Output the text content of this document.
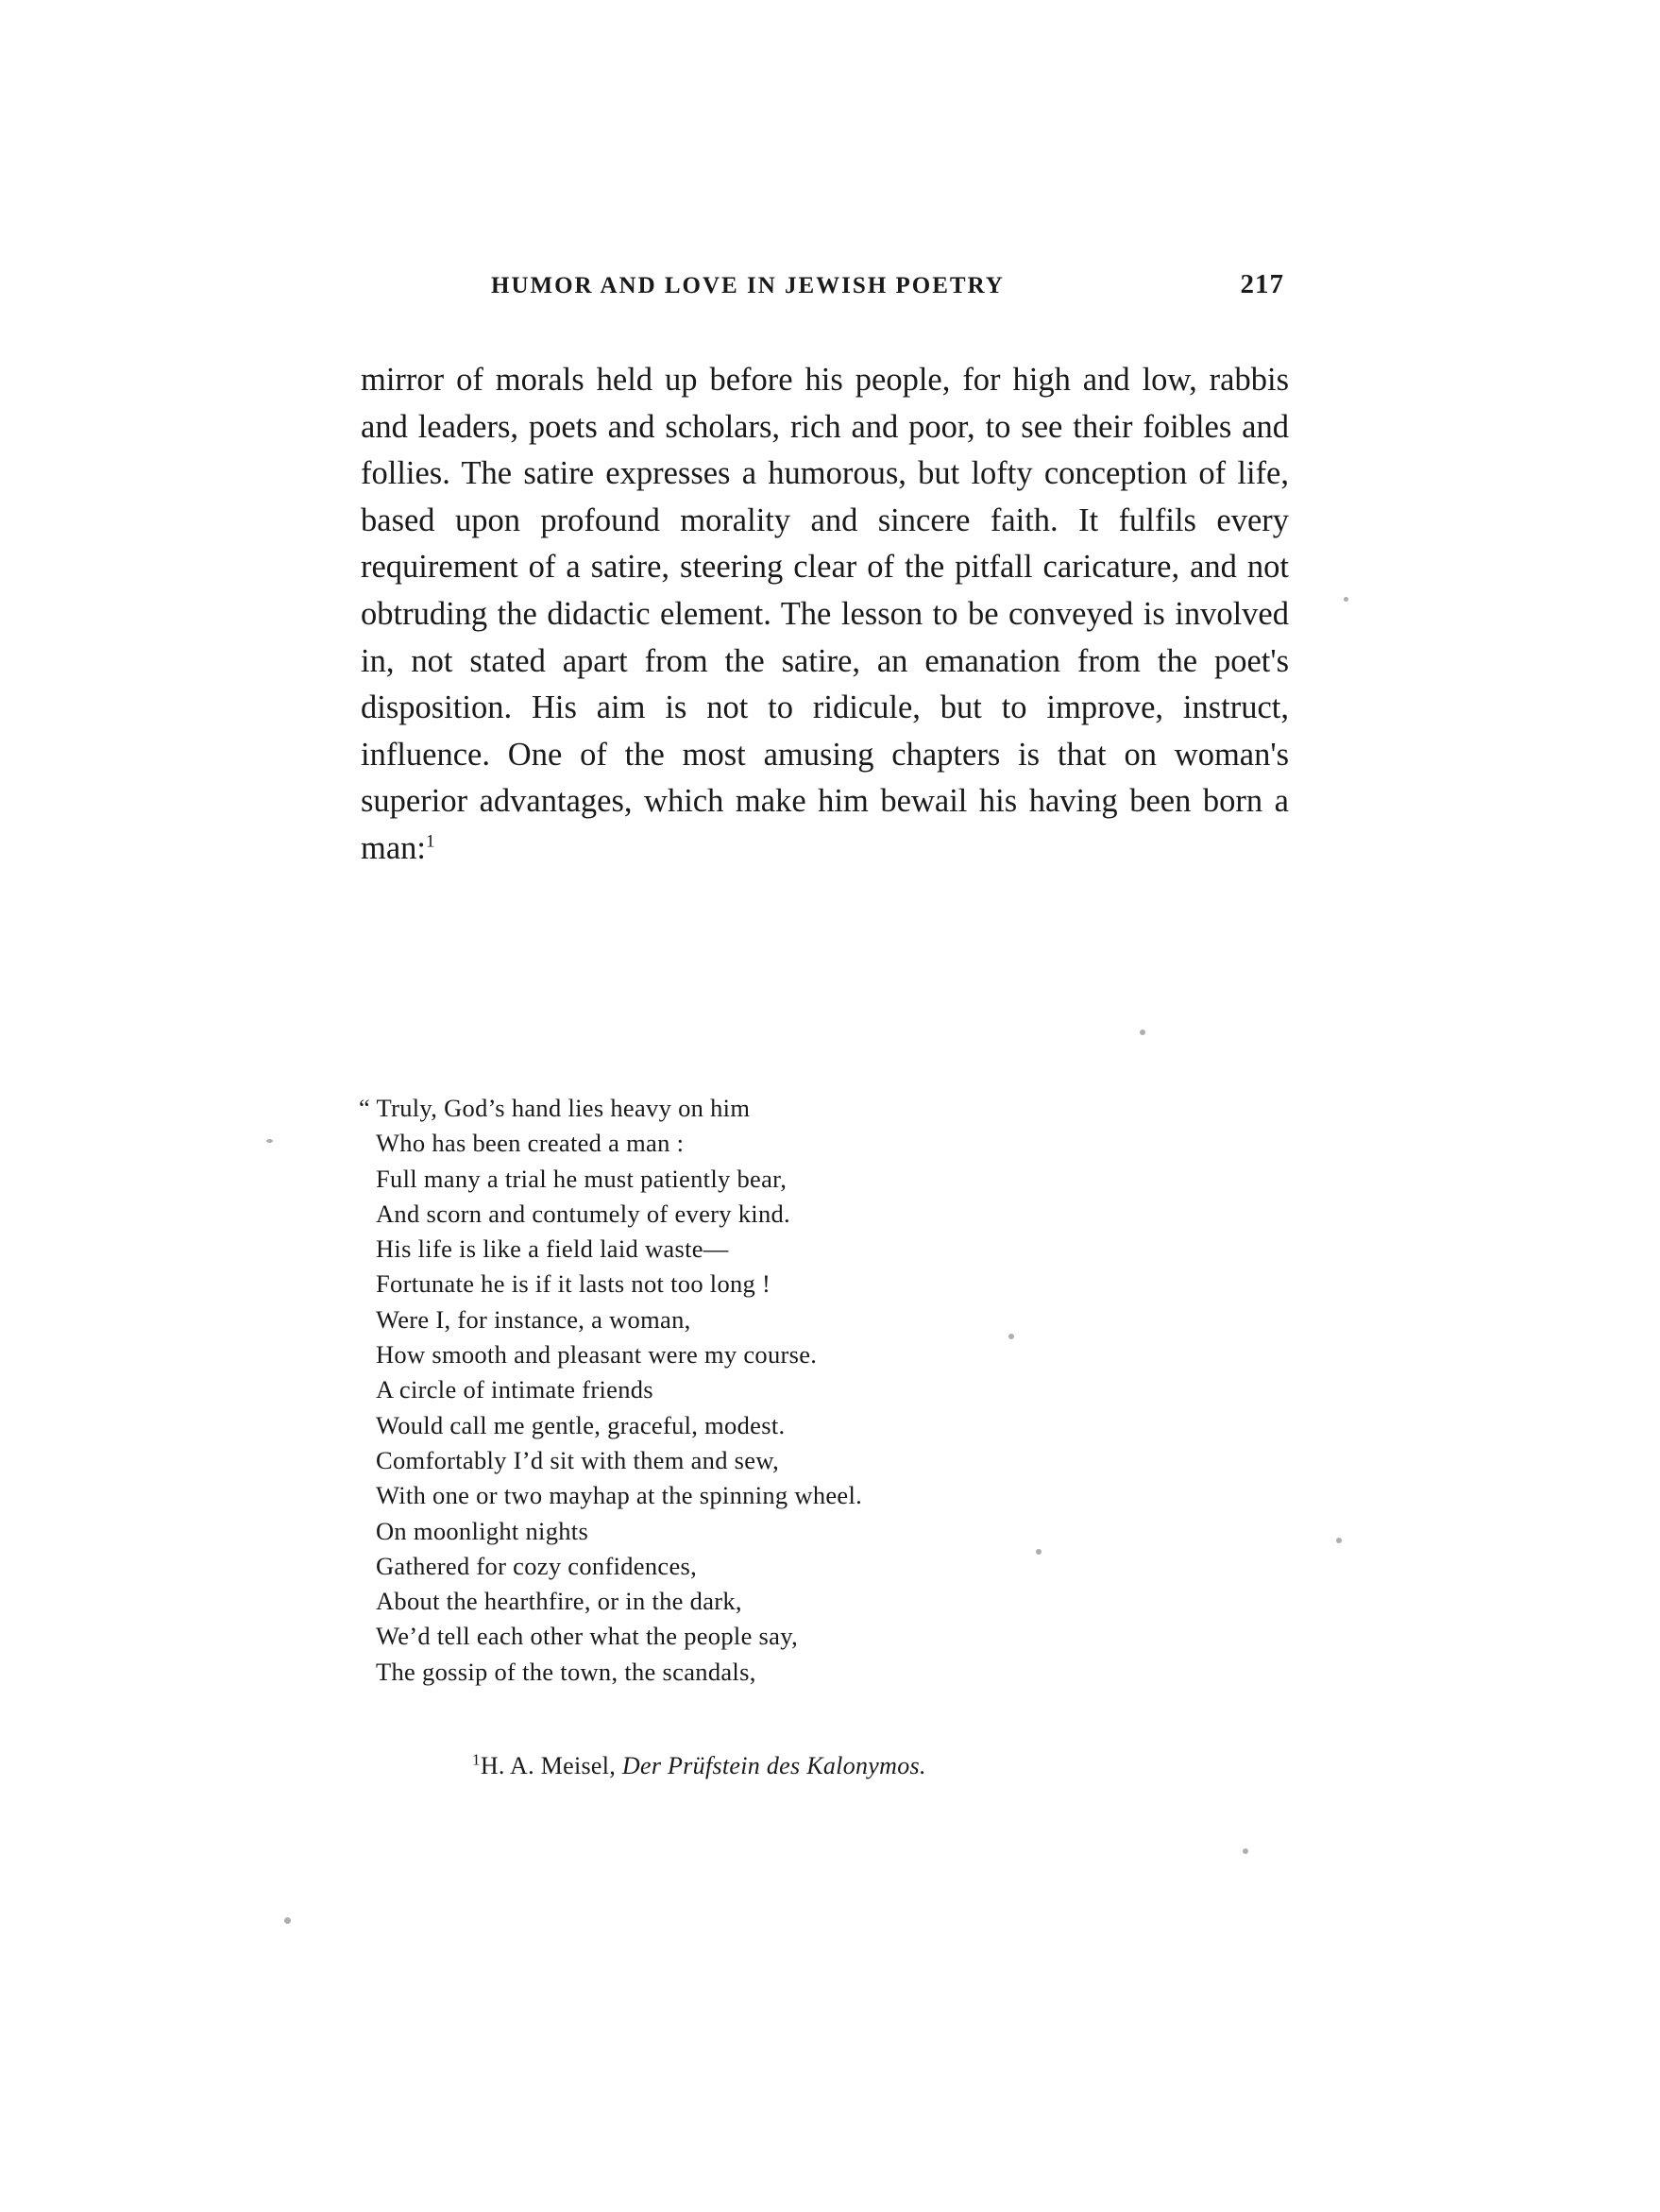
HUMOR AND LOVE IN JEWISH POETRY	217

mirror of morals held up before his people, for high and low, rabbis and leaders, poets and scholars, rich and poor, to see their foibles and follies. The satire expresses a humorous, but lofty conception of life, based upon profound morality and sincere faith. It fulfils every requirement of a satire, steering clear of the pitfall caricature, and not obtruding the didactic element. The lesson to be conveyed is involved in, not stated apart from the satire, an emanation from the poet's disposition. His aim is not to ridicule, but to improve, instruct, influence. One of the most amusing chapters is that on woman's superior advantages, which make him bewail his having been born a man:$^1$

“ Truly, God’s hand lies heavy on him
Who has been created a man :
Full many a trial he must patiently bear,
And scorn and contumely of every kind.
His life is like a field laid waste—
Fortunate he is if it lasts not too long !
Were I, for instance, a woman,
How smooth and pleasant were my course.
A circle of intimate friends
Would call me gentle, graceful, modest.
Comfortably I’d sit with them and sew,
With one or two mayhap at the spinning wheel.
On moonlight nights
Gathered for cozy confidences,
About the hearthfire, or in the dark,
We’d tell each other what the people say,
The gossip of the town, the scandals,
$^1$H. A. Meisel, Der Prüfstein des Kalonymos.
